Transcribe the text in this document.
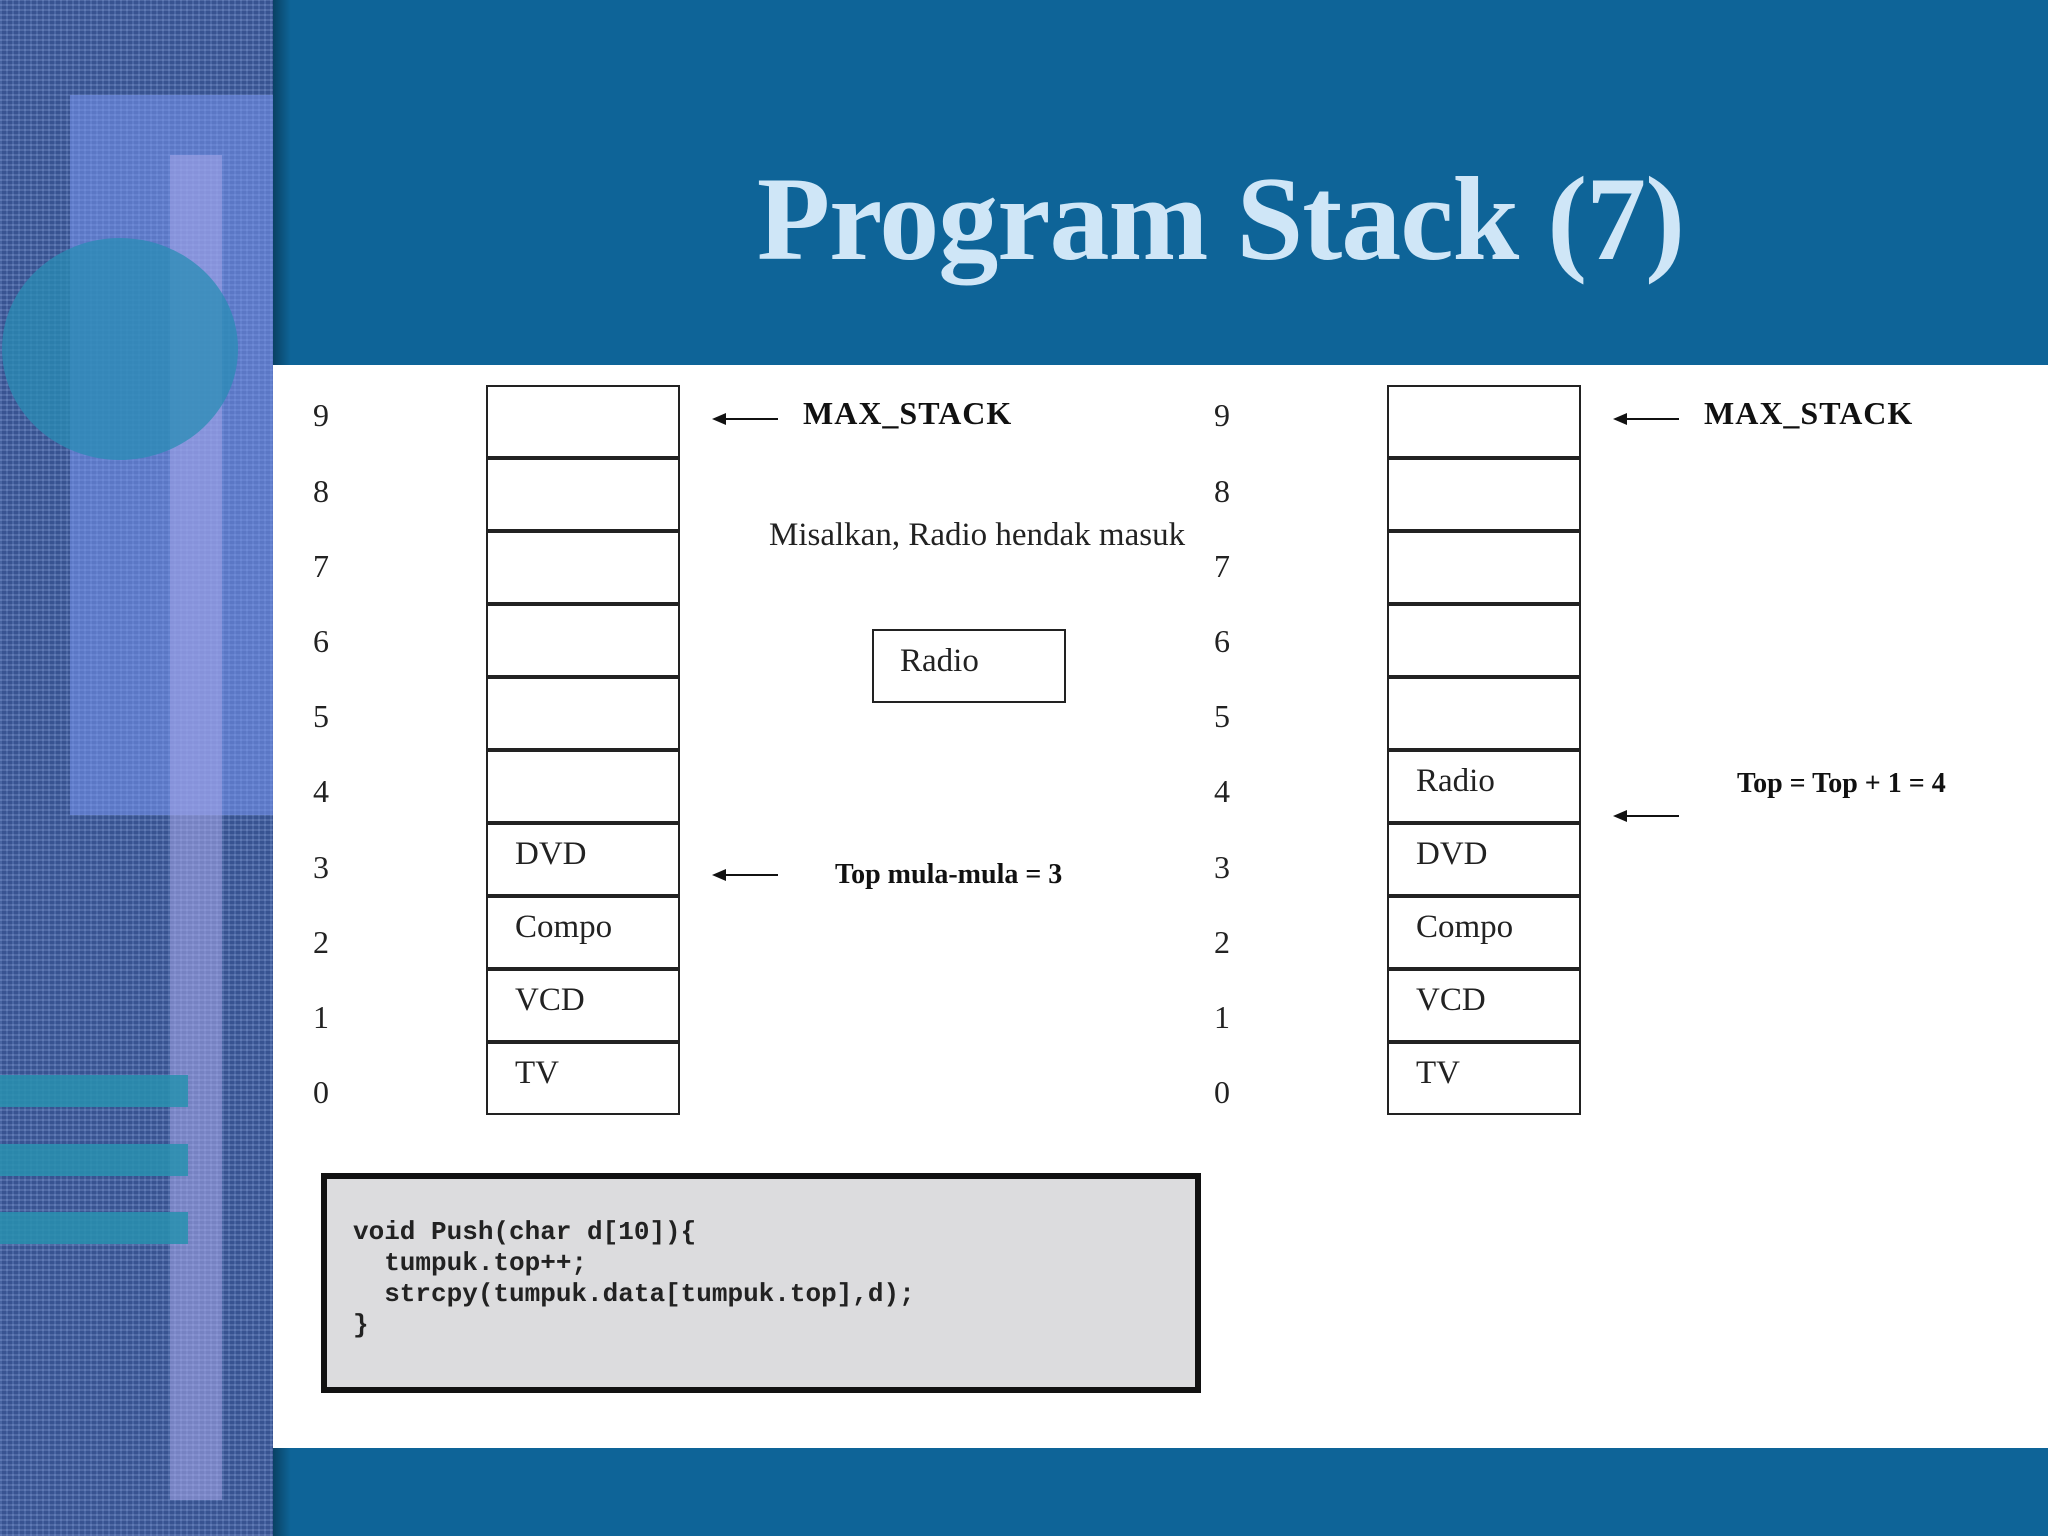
Program Stack (7)
9
8
7
6
5
4
3
2
1
0
DVD
Compo
VCD
TV
MAX_STACK
Top mula-mula = 3
Misalkan, Radio hendak masuk
Radio
9
8
7
6
5
4
3
2
1
0
Radio
DVD
Compo
VCD
TV
MAX_STACK
Top = Top + 1 = 4
void Push(char d[10]){
tumpuk.top++;
strcpy(tumpuk.data[tumpuk.top],d);
}
